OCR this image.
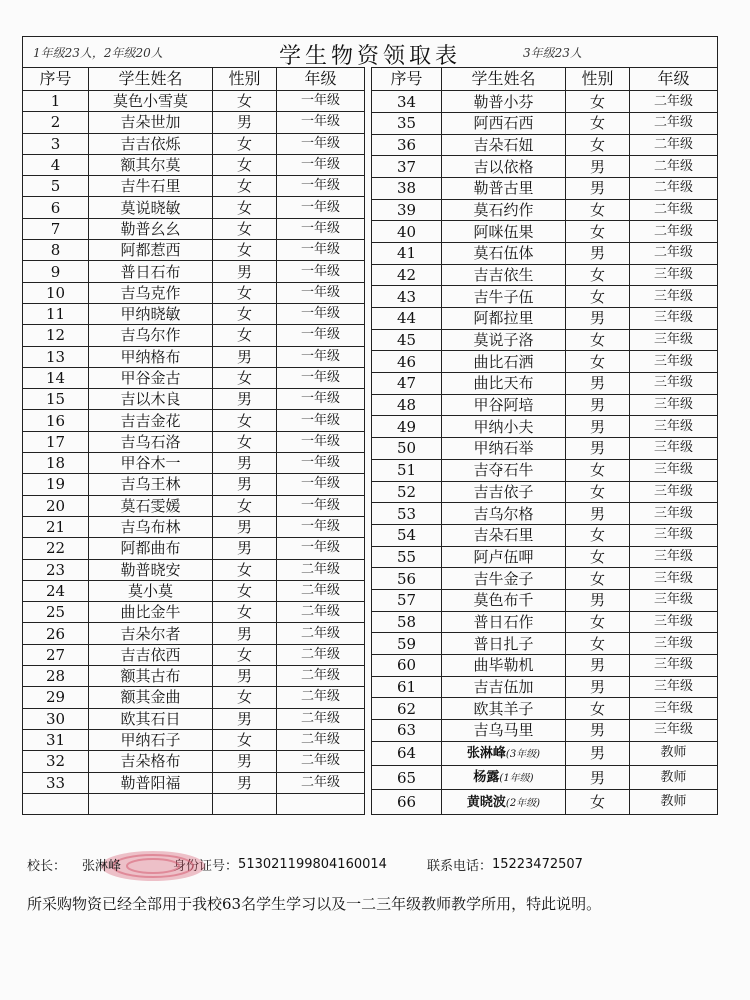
1年级23人，2年级20人	学生物资领取表	3年级23人
序号	学生姓名	性别	年级
1	莫色小雪莫	女	一年级
2	吉朵世加	男	一年级
3	吉吉依烁	女	一年级
4	额其尔莫	女	一年级
5	吉牛石里	女	一年级
6	莫说晓敏	女	一年级
7	勒普幺幺	女	一年级
8	阿都惹西	女	一年级
9	普日石布	男	一年级
10	吉乌克作	女	一年级
11	甲纳晓敏	女	一年级
12	吉乌尔作	女	一年级
13	甲纳格布	男	一年级
14	甲谷金古	女	一年级
15	吉以木良	男	一年级
16	吉吉金花	女	一年级
17	吉乌石洛	女	一年级
18	甲谷木一	男	一年级
19	吉乌王林	男	一年级
20	莫石雯媛	女	一年级
21	吉乌布林	男	一年级
22	阿都曲布	男	一年级
23	勒普晓安	女	二年级
24	莫小莫	女	二年级
25	曲比金牛	女	二年级
26	吉朵尔者	男	二年级
27	吉吉依西	女	二年级
28	额其古布	男	二年级
29	额其金曲	女	二年级
30	欧其石日	男	二年级
31	甲纳石子	女	二年级
32	吉朵格布	男	二年级
33	勒普阳福	男	二年级

序号	学生姓名	性别	年级
34	勒普小芬	女	二年级
35	阿西石西	女	二年级
36	吉朵石妞	女	二年级
37	吉以依格	男	二年级
38	勒普古里	男	二年级
39	莫石约作	女	二年级
40	阿咪伍果	女	二年级
41	莫石伍体	男	二年级
42	吉吉依生	女	三年级
43	吉牛子伍	女	三年级
44	阿都拉里	男	三年级
45	莫说子洛	女	三年级
46	曲比石洒	女	三年级
47	曲比天布	男	三年级
48	甲谷阿培	男	三年级
49	甲纳小夫	男	三年级
50	甲纳石举	男	三年级
51	吉夺石牛	女	三年级
52	吉吉依子	女	三年级
53	吉乌尔格	男	三年级
54	吉朵石里	女	三年级
55	阿卢伍呷	女	三年级
56	吉牛金子	女	三年级
57	莫色布千	男	三年级
58	普日石作	女	三年级
59	普日扎子	女	三年级
60	曲毕勒机	男	三年级
61	吉吉伍加	男	三年级
62	欧其羊子	女	三年级
63	吉乌马里	男	三年级
64	张淋峰(3年级)	男	教师
65	杨露(1年级)	男	教师
66	黄晓波(2年级)	女	教师
校长： 张淋峰	身份证号： 513021199804160014	联系电话： 15223472507
所采购物资已经全部用于我校63名学生学习以及一二三年级教师教学所用，特此说明。
